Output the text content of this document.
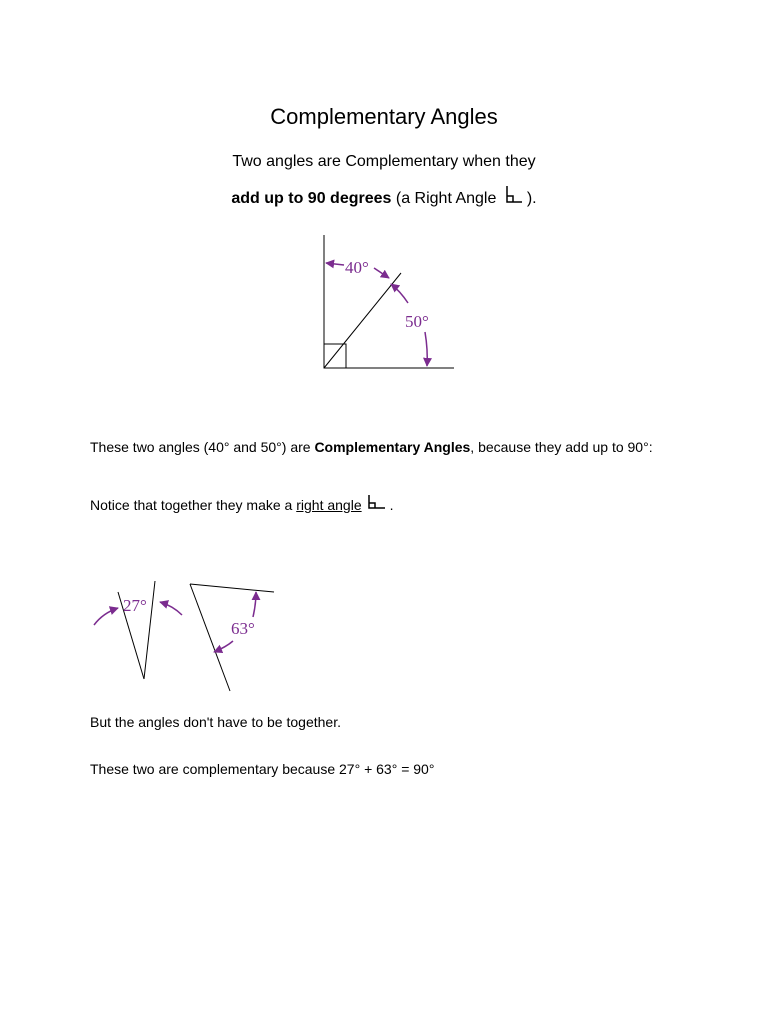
Complementary Angles
Two angles are Complementary when they
add up to 90 degrees (a Right Angle ).
40°
50°
These two angles (40° and 50°) are Complementary Angles, because they add up to 90°:
Notice that together they make a right angle .
27°
63°
But the angles don't have to be together.
These two are complementary because 27° + 63° = 90°
